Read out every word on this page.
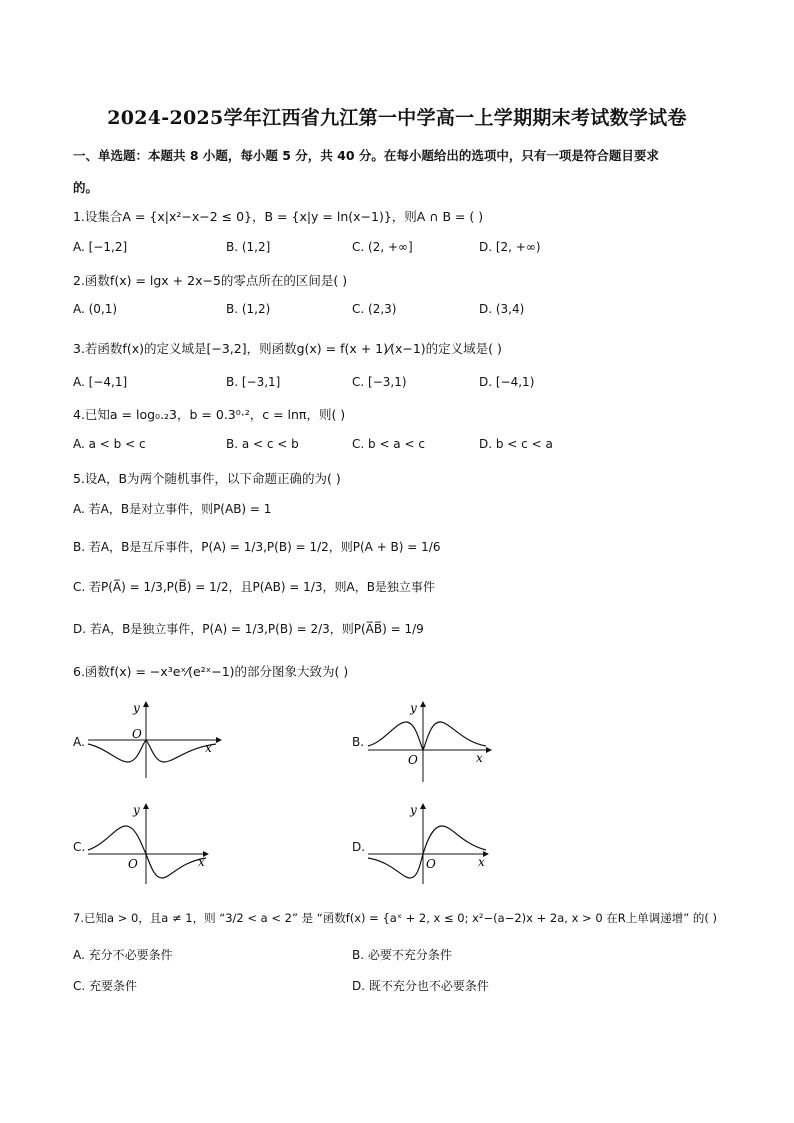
2024-2025学年江西省九江第一中学高一上学期期末考试数学试卷
一、单选题：本题共 8 小题，每小题 5 分，共 40 分。在每小题给出的选项中，只有一项是符合题目要求
的。
1.设集合A = {x|x²−x−2 ≤ 0}，B = {x|y = ln(x−1)}，则A ∩ B = ( )
A. [−1,2]	B. (1,2]	C. (2, +∞]	D. [2, +∞)
2.函数f(x) = lgx + 2x−5的零点所在的区间是( )
A. (0,1)	B. (1,2)	C. (2,3)	D. (3,4)
3.若函数f(x)的定义域是[−3,2]，则函数g(x) = f(x + 1)⁄(x−1)的定义域是( )
A. [−4,1]	B. [−3,1]	C. [−3,1)	D. [−4,1)
4.已知a = log₀.₂3，b = 0.3⁰·²，c = lnπ，则( )
A. a < b < c	B. a < c < b	C. b < a < c	D. b < c < a
5.设A，B为两个随机事件，以下命题正确的为( )
A. 若A，B是对立事件，则P(AB) = 1
B. 若A，B是互斥事件，P(A) = 1/3,P(B) = 1/2，则P(A + B) = 1/6
C. 若P(A̅) = 1/3,P(B̅) = 1/2，且P(AB) = 1/3，则A，B是独立事件
D. 若A，B是独立事件，P(A) = 1/3,P(B) = 2/3，则P(A̅B̅) = 1/9
6.函数f(x) = −x³eˣ⁄(e²ˣ−1)的部分图象大致为( )
A.
y
x
O
B.
y
x
O
C.
y
x
O
D.
y
x
O
7.已知a > 0，且a ≠ 1，则 “3/2 < a < 2” 是 “函数f(x) = {aˣ + 2, x ≤ 0; x²−(a−2)x + 2a, x > 0 在R上单调递增” 的( )
A. 充分不必要条件	B. 必要不充分条件
C. 充要条件	D. 既不充分也不必要条件
